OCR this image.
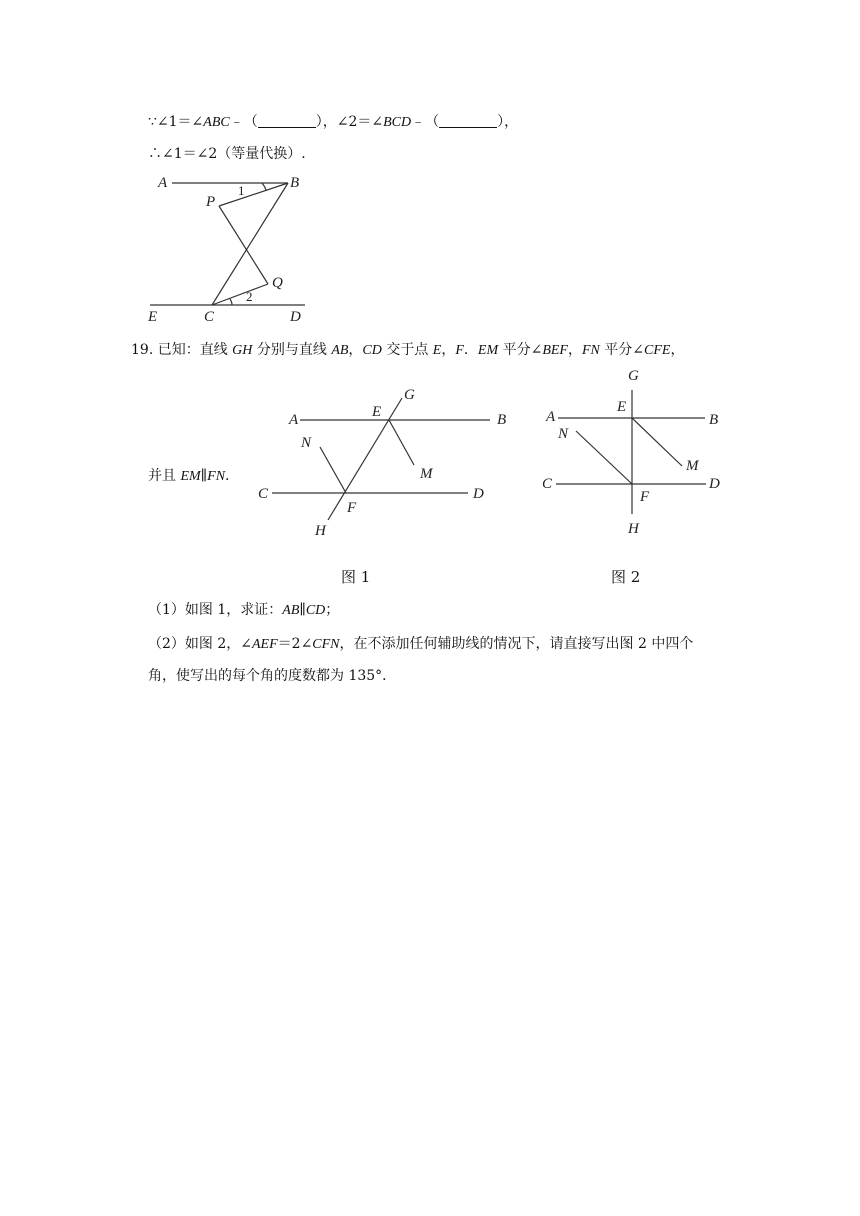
∵∠1＝∠ABC﹣（	），∠2＝∠BCD﹣（	），
∴∠1＝∠2（等量代换）.
A	B
P
Q
E	C	D
1
2
19. 已知：直线 GH 分别与直线 AB，CD 交于点 E，F．EM 平分∠BEF，FN 平分∠CFE，
并且 EM∥FN.
A	B
E
G
N
M
C	D
F
H
G
A
E
B
N
M
C	D
F
H
图 1	图 2
（1）如图 1，求证：AB∥CD；
（2）如图 2，∠AEF＝2∠CFN，在不添加任何辅助线的情况下，请直接写出图 2 中四个
角，使写出的每个角的度数都为 135°．
